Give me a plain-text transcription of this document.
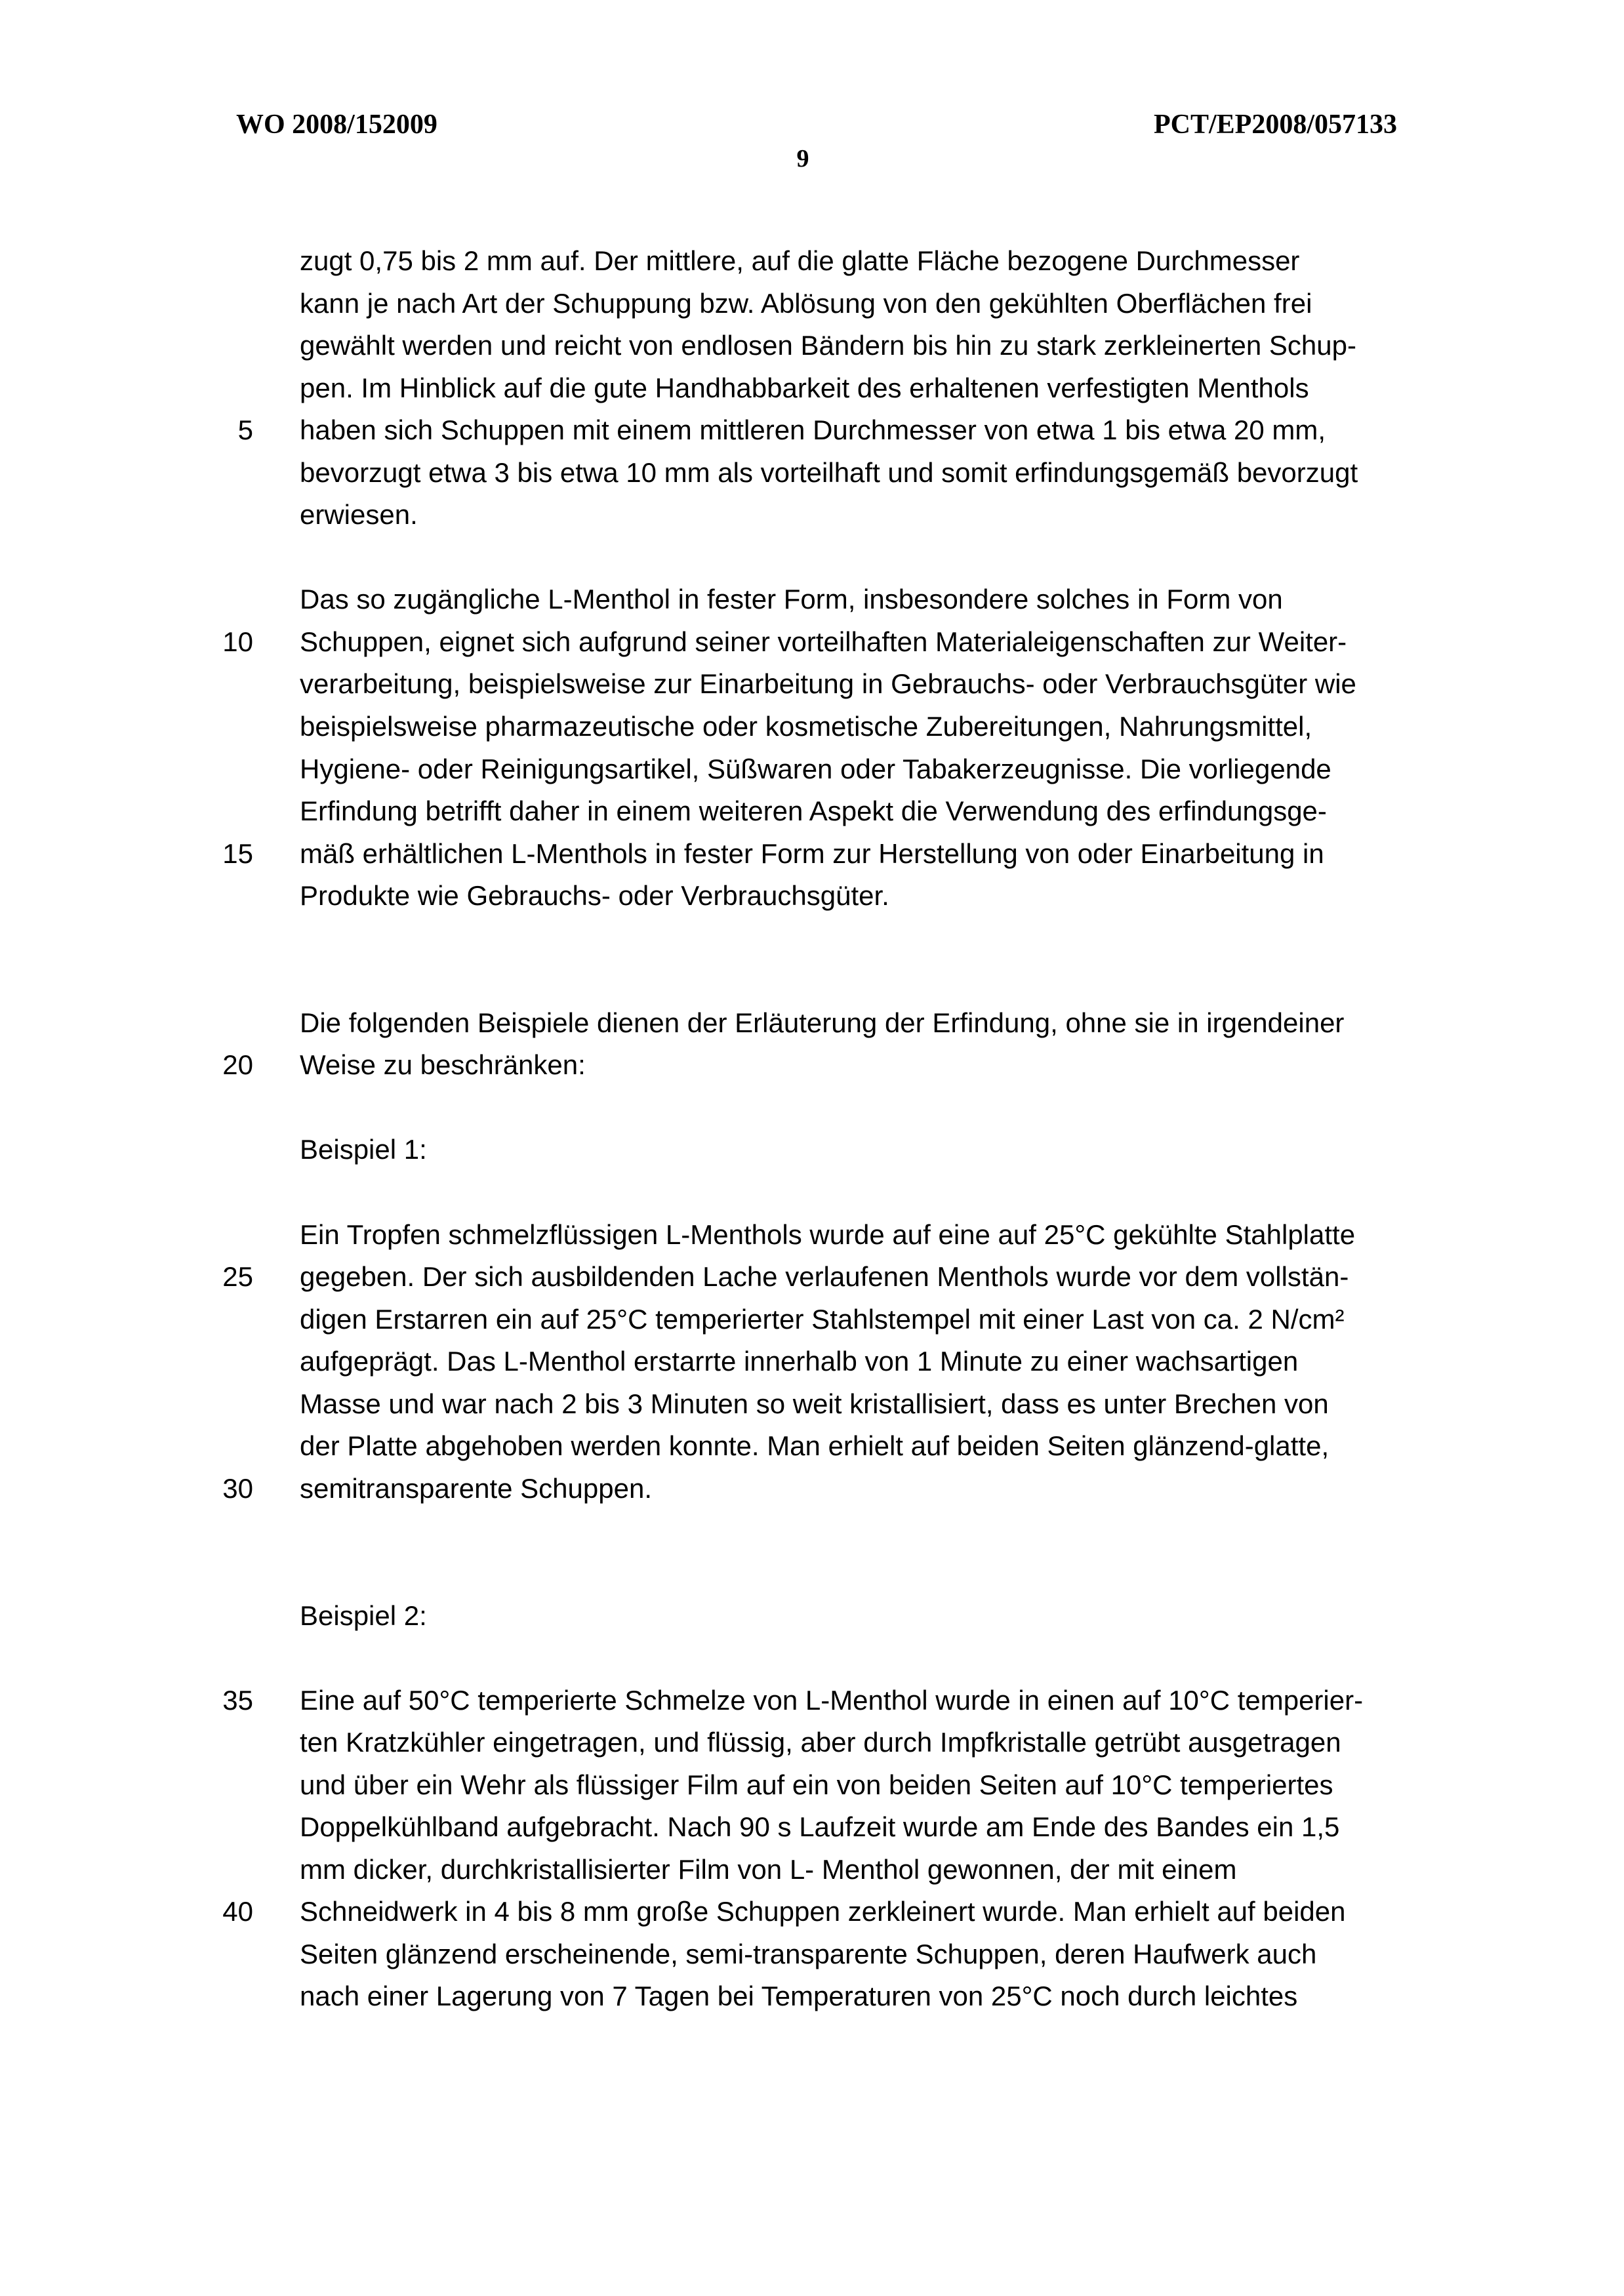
WO 2008/152009	PCT/EP2008/057133
9
zugt 0,75 bis 2 mm auf. Der mittlere, auf die glatte Fläche bezogene Durchmesser
kann je nach Art der Schuppung bzw. Ablösung von den gekühlten Oberflächen frei
gewählt werden und reicht von endlosen Bändern bis hin zu stark zerkleinerten Schup-
pen. Im Hinblick auf die gute Handhabbarkeit des erhaltenen verfestigten Menthols
5 haben sich Schuppen mit einem mittleren Durchmesser von etwa 1 bis etwa 20 mm,
bevorzugt etwa 3 bis etwa 10 mm als vorteilhaft und somit erfindungsgemäß bevorzugt
erwiesen.
Das so zugängliche L-Menthol in fester Form, insbesondere solches in Form von
10 Schuppen, eignet sich aufgrund seiner vorteilhaften Materialeigenschaften zur Weiter-
verarbeitung, beispielsweise zur Einarbeitung in Gebrauchs- oder Verbrauchsgüter wie
beispielsweise pharmazeutische oder kosmetische Zubereitungen, Nahrungsmittel,
Hygiene- oder Reinigungsartikel, Süßwaren oder Tabakerzeugnisse. Die vorliegende
Erfindung betrifft daher in einem weiteren Aspekt die Verwendung des erfindungsge-
15 mäß erhältlichen L-Menthols in fester Form zur Herstellung von oder Einarbeitung in
Produkte wie Gebrauchs- oder Verbrauchsgüter.
Die folgenden Beispiele dienen der Erläuterung der Erfindung, ohne sie in irgendeiner
20 Weise zu beschränken:
Beispiel 1:
Ein Tropfen schmelzflüssigen L-Menthols wurde auf eine auf 25°C gekühlte Stahlplatte
25 gegeben. Der sich ausbildenden Lache verlaufenen Menthols wurde vor dem vollstän-
digen Erstarren ein auf 25°C temperierter Stahlstempel mit einer Last von ca. 2 N/cm²
aufgeprägt. Das L-Menthol erstarrte innerhalb von 1 Minute zu einer wachsartigen
Masse und war nach 2 bis 3 Minuten so weit kristallisiert, dass es unter Brechen von
der Platte abgehoben werden konnte. Man erhielt auf beiden Seiten glänzend-glatte,
30 semitransparente Schuppen.
Beispiel 2:
35 Eine auf 50°C temperierte Schmelze von L-Menthol wurde in einen auf 10°C temperier-
ten Kratzkühler eingetragen, und flüssig, aber durch Impfkristalle getrübt ausgetragen
und über ein Wehr als flüssiger Film auf ein von beiden Seiten auf 10°C temperiertes
Doppelkühlband aufgebracht. Nach 90 s Laufzeit wurde am Ende des Bandes ein 1,5
mm dicker, durchkristallisierter Film von L- Menthol gewonnen, der mit einem
40 Schneidwerk in 4 bis 8 mm große Schuppen zerkleinert wurde. Man erhielt auf beiden
Seiten glänzend erscheinende, semi-transparente Schuppen, deren Haufwerk auch
nach einer Lagerung von 7 Tagen bei Temperaturen von 25°C noch durch leichtes
